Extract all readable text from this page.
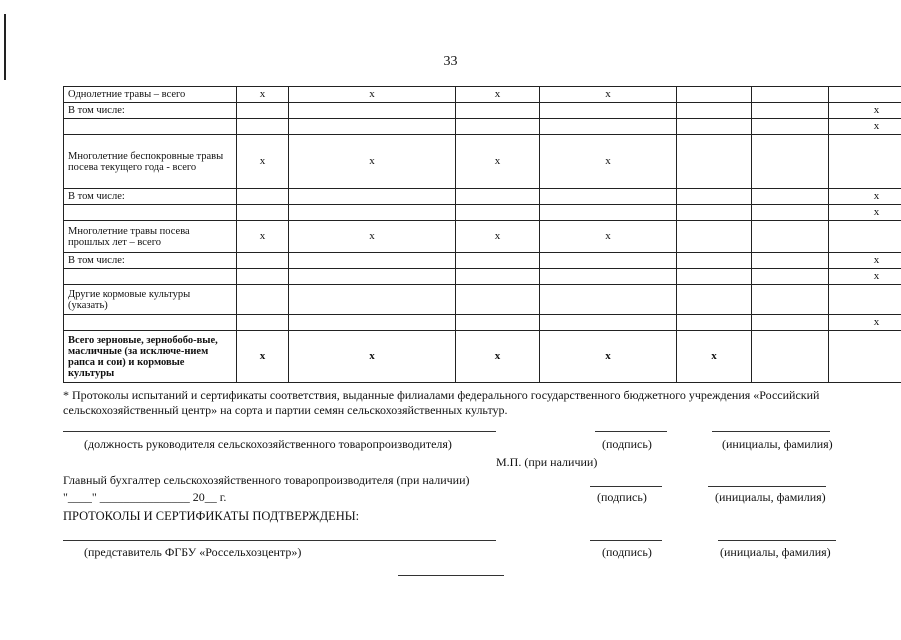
33
Однолетние травы – всего	x	x	x	x			
В том числе:							x
							x
Многолетние беспокровные травы посева текущего года - всего	x	x	x	x			
В том числе:							x
							x
Многолетние травы посева прошлых лет – всего	x	x	x	x			
В том числе:							x
							x
Другие кормовые культуры (указать)							
							x
Всего зерновые, зернобобо-вые, масличные (за исключе-нием рапса и сои) и кормовые культуры	x	x	x	x	x		
* Протоколы испытаний и сертификаты соответствия, выданные филиалами федерального государственного бюджетного учреждения «Российский сельскохозяйственный центр» на сорта и партии семян сельскохозяйственных культур.
(должность руководителя сельскохозяйственного товаропроизводителя)	(подпись)	(инициалы, фамилия)
М.П. (при наличии)
Главный бухгалтер сельскохозяйственного товаропроизводителя (при наличии)
"____" _______________ 20__ г.	(подпись)	(инициалы, фамилия)
ПРОТОКОЛЫ И СЕРТИФИКАТЫ ПОДТВЕРЖДЕНЫ:
(представитель ФГБУ «Россельхозцентр»)	(подпись)	(инициалы, фамилия)
